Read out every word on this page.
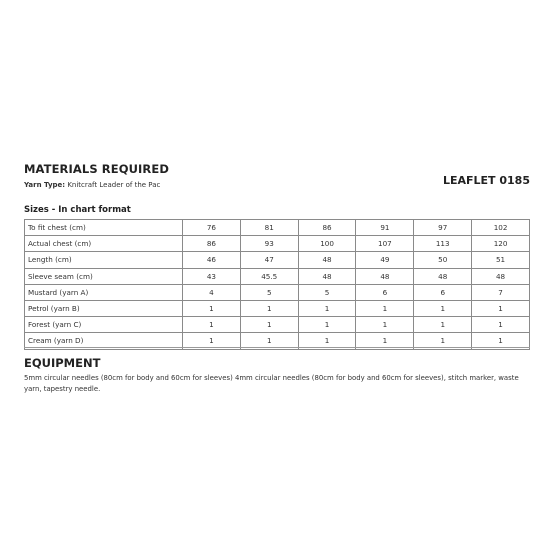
MATERIALS REQUIRED
Yarn Type: Knitcraft Leader of the Pac	LEAFLET 0185
Sizes - In chart format
To fit chest (cm)	76	81	86	91	97	102
Actual chest (cm)	86	93	100	107	113	120
Length (cm)	46	47	48	49	50	51
Sleeve seam (cm)	43	45.5	48	48	48	48
Mustard (yarn A)	4	5	5	6	6	7
Petrol (yarn B)	1	1	1	1	1	1
Forest (yarn C)	1	1	1	1	1	1
Cream (yarn D)	1	1	1	1	1	1
EQUIPMENT
5mm circular needles (80cm for body and 60cm for sleeves) 4mm circular needles (80cm for body and 60cm for sleeves), stitch marker, waste yarn, tapestry needle.
